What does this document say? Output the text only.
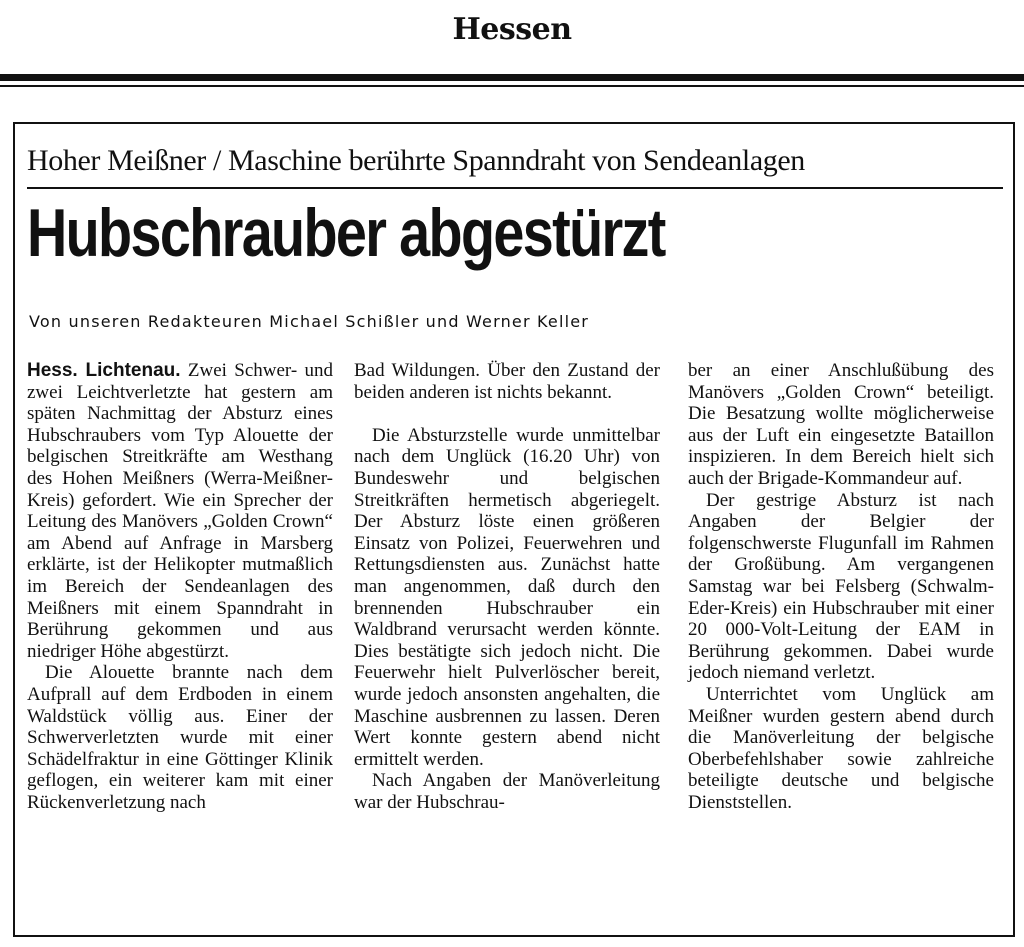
Hessen
Hoher Meißner / Maschine berührte Spanndraht von Sendeanlagen
Hubschrauber abgestürzt
Von unseren Redakteuren Michael Schißler und Werner Keller

Hess. Lichtenau. Zwei Schwer- und zwei Leichtverletzte hat gestern am späten Nachmittag der Absturz eines Hubschraubers vom Typ Alouette der belgischen Streitkräfte am Westhang des Hohen Meißners (Werra-Meißner-Kreis) gefordert. Wie ein Sprecher der Leitung des Manövers „Golden Crown“ am Abend auf Anfrage in Marsberg erklärte, ist der Helikopter mutmaßlich im Bereich der Sendeanlagen des Meißners mit einem Spanndraht in Berührung gekommen und aus niedriger Höhe abgestürzt.

Die Alouette brannte nach dem Aufprall auf dem Erdboden in einem Waldstück völlig aus. Einer der Schwerverletzten wurde mit einer Schädelfraktur in eine Göttinger Klinik geflogen, ein weiterer kam mit einer Rückenverletzung nach

Bad Wildungen. Über den Zustand der beiden anderen ist nichts bekannt.

Die Absturzstelle wurde unmittelbar nach dem Unglück (16.20 Uhr) von Bundeswehr und belgischen Streitkräften hermetisch abgeriegelt. Der Absturz löste einen größeren Einsatz von Polizei, Feuerwehren und Rettungsdiensten aus. Zunächst hatte man angenommen, daß durch den brennenden Hubschrauber ein Waldbrand verursacht werden könnte. Dies bestätigte sich jedoch nicht. Die Feuerwehr hielt Pulverlöscher bereit, wurde jedoch ansonsten angehalten, die Maschine ausbrennen zu lassen. Deren Wert konnte gestern abend nicht ermittelt werden.

Nach Angaben der Manöverleitung war der Hubschrau-

ber an einer Anschlußübung des Manövers „Golden Crown“ beteiligt. Die Besatzung wollte möglicherweise aus der Luft ein eingesetzte Bataillon inspizieren. In dem Bereich hielt sich auch der Brigade-Kommandeur auf.

Der gestrige Absturz ist nach Angaben der Belgier der folgenschwerste Flugunfall im Rahmen der Großübung. Am vergangenen Samstag war bei Felsberg (Schwalm-Eder-Kreis) ein Hubschrauber mit einer 20 000-Volt-Leitung der EAM in Berührung gekommen. Dabei wurde jedoch niemand verletzt.

Unterrichtet vom Unglück am Meißner wurden gestern abend durch die Manöverleitung der belgische Oberbefehlshaber sowie zahlreiche beteiligte deutsche und belgische Dienststellen.
